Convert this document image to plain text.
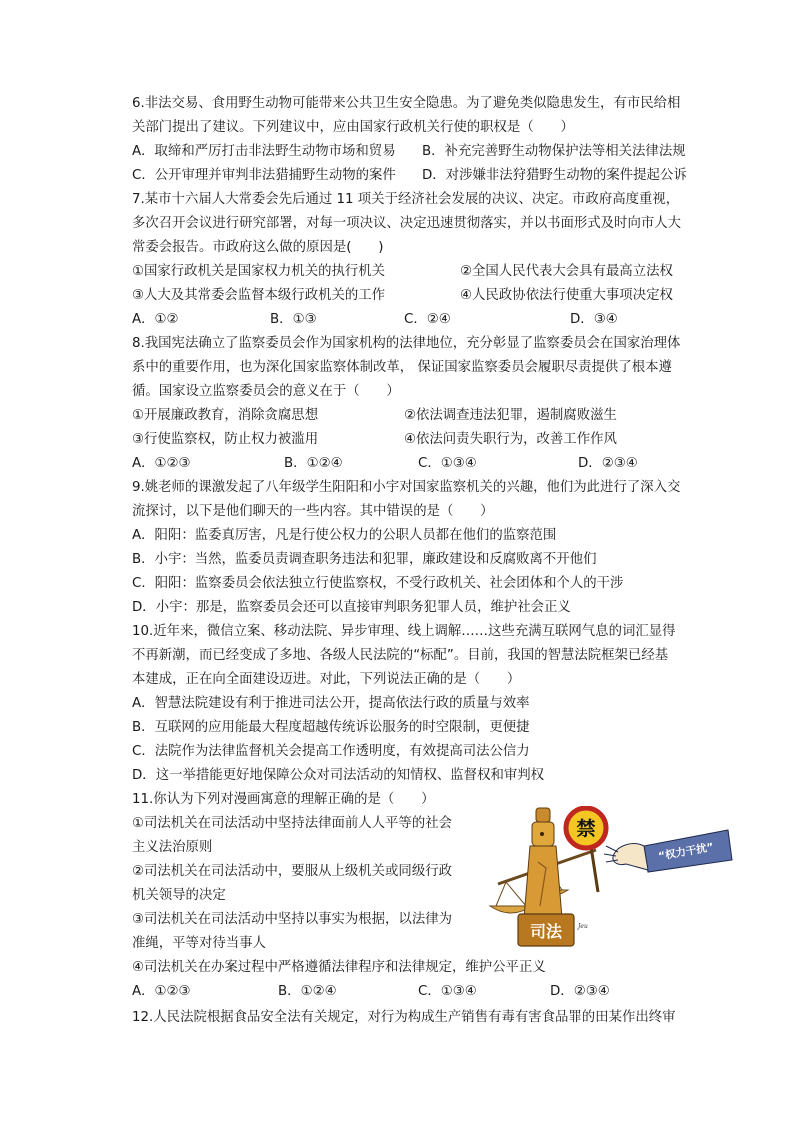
6.非法交易、食用野生动物可能带来公共卫生安全隐患。为了避免类似隐患发生，有市民给相
关部门提出了建议。下列建议中，应由国家行政机关行使的职权是（　　）
A．取缔和严厉打击非法野生动物市场和贸易 B．补充完善野生动物保护法等相关法律法规
C．公开审理并审判非法猎捕野生动物的案件 D．对涉嫌非法狩猎野生动物的案件提起公诉
7.某市十六届人大常委会先后通过 11 项关于经济社会发展的决议、决定。市政府高度重视，
多次召开会议进行研究部署，对每一项决议、决定迅速贯彻落实，并以书面形式及时向市人大
常委会报告。市政府这么做的原因是(　　)
①国家行政机关是国家权力机关的执行机关	②全国人民代表大会具有最高立法权
③人大及其常委会监督本级行政机关的工作	④人民政协依法行使重大事项决定权
A．①②	B．①③	C．②④	D．③④
8.我国宪法确立了监察委员会作为国家机构的法律地位，充分彰显了监察委员会在国家治理体
系中的重要作用，也为深化国家监察体制改革， 保证国家监察委员会履职尽责提供了根本遵
循。国家设立监察委员会的意义在于（　　）
①开展廉政教育，消除贪腐思想	②依法调查违法犯罪，遏制腐败滋生
③行使监察权，防止权力被滥用	④依法问责失职行为，改善工作作风
A．①②③	B．①②④	C．①③④	D．②③④
9.姚老师的课激发起了八年级学生阳阳和小宇对国家监察机关的兴趣，他们为此进行了深入交
流探讨，以下是他们聊天的一些内容。其中错误的是（　　）
A．阳阳：监委真厉害，凡是行使公权力的公职人员都在他们的监察范围
B．小宇：当然，监委员责调查职务违法和犯罪，廉政建设和反腐败离不开他们
C．阳阳：监察委员会依法独立行使监察权，不受行政机关、社会团体和个人的干涉
D．小宇：那是，监察委员会还可以直接审判职务犯罪人员，维护社会正义
10.近年来，微信立案、移动法院、异步审理、线上调解……这些充满互联网气息的词汇显得
不再新潮，而已经变成了多地、各级人民法院的“标配”。目前，我国的智慧法院框架已经基
本建成，正在向全面建设迈进。对此，下列说法正确的是（　　）
A．智慧法院建设有利于推进司法公开，提高依法行政的质量与效率
B．互联网的应用能最大程度超越传统诉讼服务的时空限制，更便捷
C．法院作为法律监督机关会提高工作透明度，有效提高司法公信力
D．这一举措能更好地保障公众对司法活动的知情权、监督权和审判权
11.你认为下列对漫画寓意的理解正确的是（　　）
①司法机关在司法活动中坚持法律面前人人平等的社会
主义法治原则
②司法机关在司法活动中，要服从上级机关或同级行政
机关领导的决定
③司法机关在司法活动中坚持以事实为根据，以法律为
准绳，平等对待当事人
④司法机关在办案过程中严格遵循法律程序和法律规定，维护公平正义
A．①②③	B．①②④	C．①③④	D．②③④
12.人民法院根据食品安全法有关规定，对行为构成生产销售有毒有害食品罪的田某作出终审
司法
禁
“权力干扰”
Jeu
